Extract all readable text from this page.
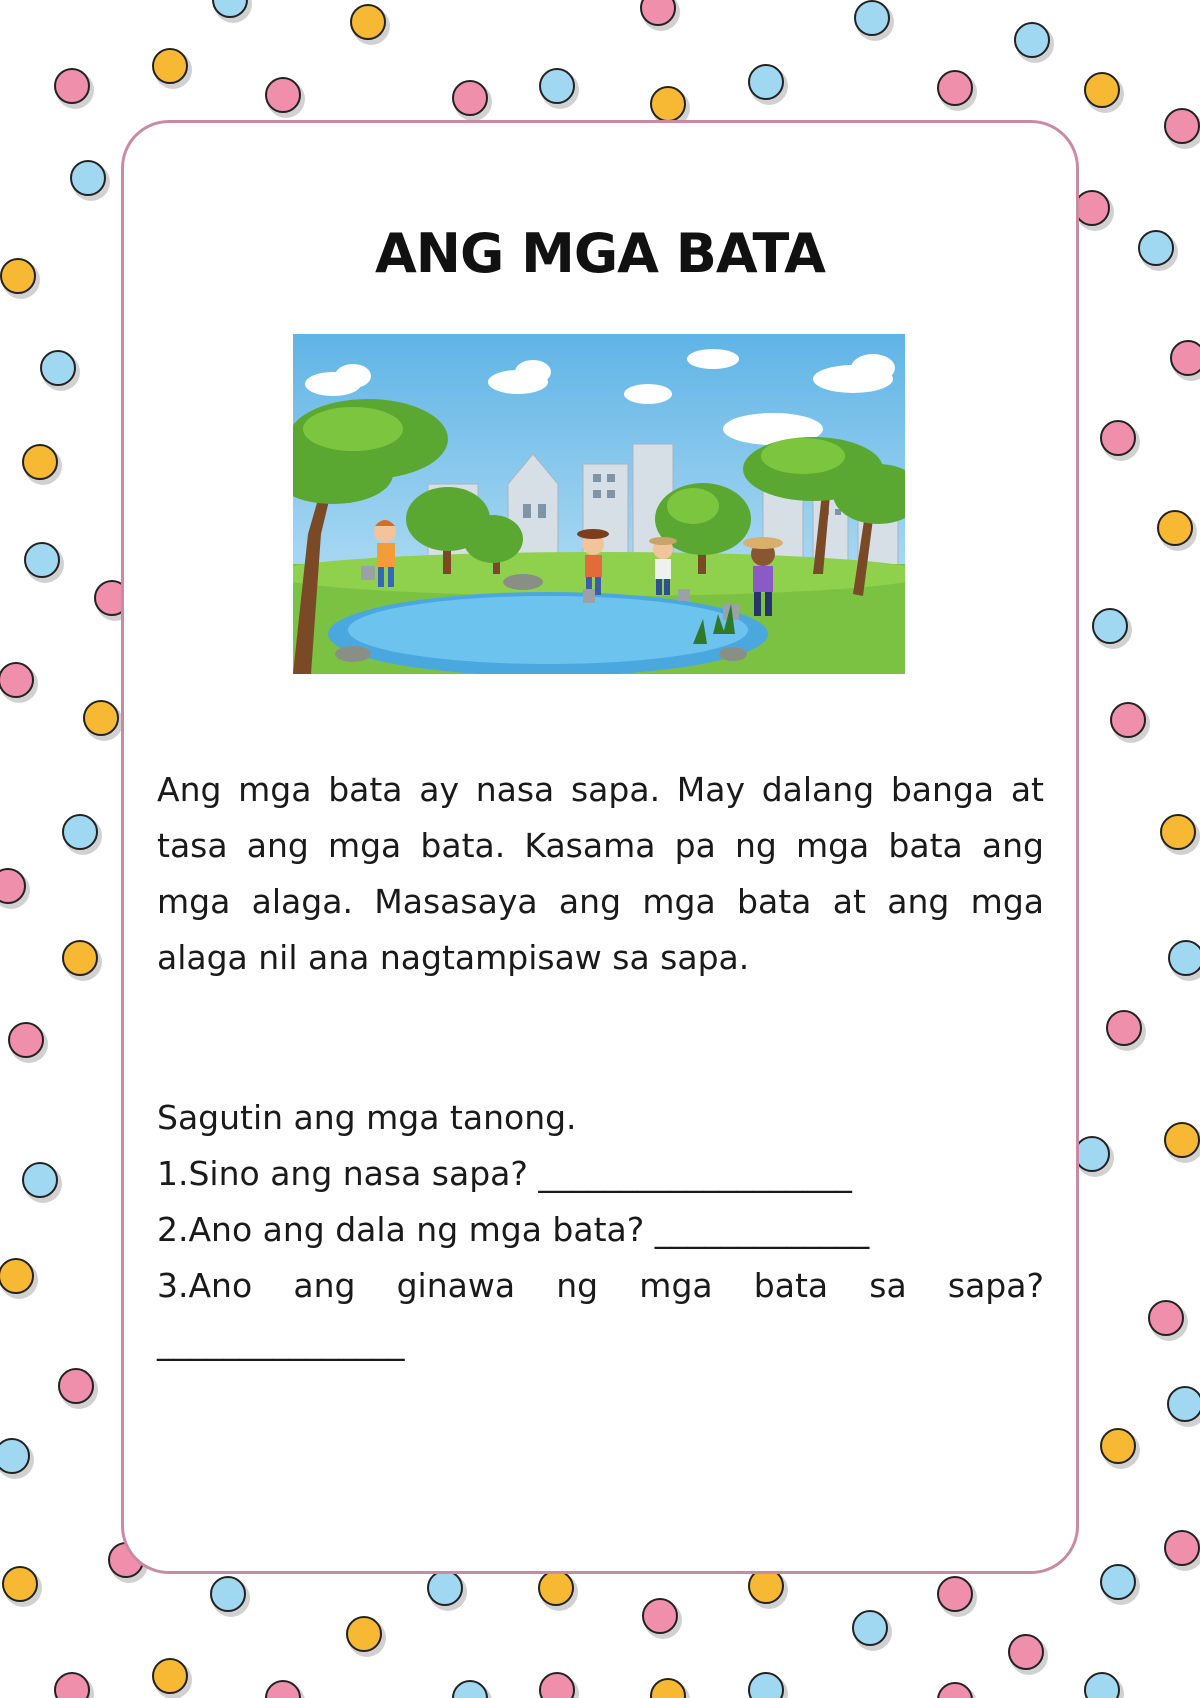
ANG MGA BATA

Ang mga bata ay nasa sapa. May dalang banga at tasa ang mga bata. Kasama pa ng mga bata ang mga alaga. Masasaya ang mga bata at ang mga alaga nil ana nagtampisaw sa sapa.

Sagutin ang mga tanong.

1.Sino ang nasa sapa? ___________________

2.Ano ang dala ng mga bata? _____________

3.Ano ang ginawa ng mga bata sa sapa?

_______________
